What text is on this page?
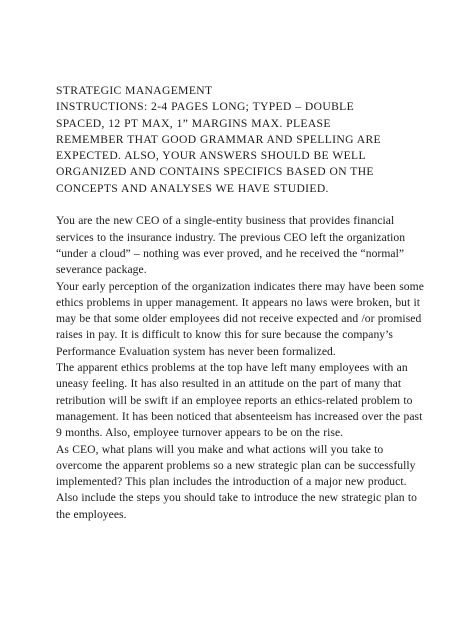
STRATEGIC MANAGEMENT
INSTRUCTIONS: 2-4 PAGES LONG; TYPED – DOUBLE
SPACED, 12 PT MAX, 1” MARGINS MAX. PLEASE
REMEMBER THAT GOOD GRAMMAR AND SPELLING ARE
EXPECTED. ALSO, YOUR ANSWERS SHOULD BE WELL
ORGANIZED AND CONTAINS SPECIFICS BASED ON THE
CONCEPTS AND ANALYSES WE HAVE STUDIED.
You are the new CEO of a single-entity business that provides financial services to the insurance industry. The previous CEO left the organization “under a cloud” – nothing was ever proved, and he received the “normal” severance package.
Your early perception of the organization indicates there may have been some ethics problems in upper management. It appears no laws were broken, but it may be that some older employees did not receive expected and /or promised raises in pay. It is difficult to know this for sure because the company’s Performance Evaluation system has never been formalized.
The apparent ethics problems at the top have left many employees with an uneasy feeling. It has also resulted in an attitude on the part of many that retribution will be swift if an employee reports an ethics-related problem to management. It has been noticed that absenteeism has increased over the past 9 months. Also, employee turnover appears to be on the rise.
As CEO, what plans will you make and what actions will you take to overcome the apparent problems so a new strategic plan can be successfully implemented? This plan includes the introduction of a major new product. Also include the steps you should take to introduce the new strategic plan to the employees.
